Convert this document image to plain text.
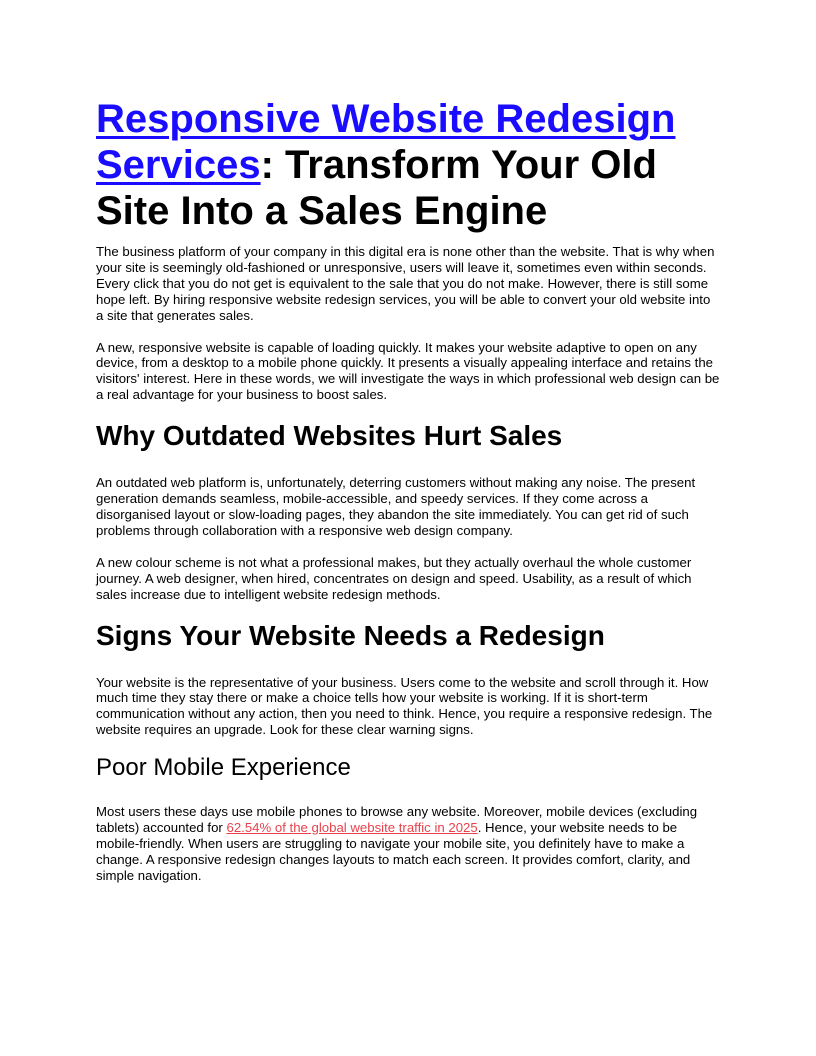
Responsive Website Redesign Services: Transform Your Old Site Into a Sales Engine

The business platform of your company in this digital era is none other than the website. That is why when your site is seemingly old-fashioned or unresponsive, users will leave it, sometimes even within seconds. Every click that you do not get is equivalent to the sale that you do not make. However, there is still some hope left. By hiring responsive website redesign services, you will be able to convert your old website into a site that generates sales.

A new, responsive website is capable of loading quickly. It makes your website adaptive to open on any device, from a desktop to a mobile phone quickly. It presents a visually appealing interface and retains the visitors' interest. Here in these words, we will investigate the ways in which professional web design can be a real advantage for your business to boost sales.

Why Outdated Websites Hurt Sales

An outdated web platform is, unfortunately, deterring customers without making any noise. The present generation demands seamless, mobile-accessible, and speedy services. If they come across a disorganised layout or slow-loading pages, they abandon the site immediately. You can get rid of such problems through collaboration with a responsive web design company.

A new colour scheme is not what a professional makes, but they actually overhaul the whole customer journey. A web designer, when hired, concentrates on design and speed. Usability, as a result of which sales increase due to intelligent website redesign methods.

Signs Your Website Needs a Redesign

Your website is the representative of your business. Users come to the website and scroll through it. How much time they stay there or make a choice tells how your website is working. If it is short-term communication without any action, then you need to think. Hence, you require a responsive redesign. The website requires an upgrade. Look for these clear warning signs.

Poor Mobile Experience

Most users these days use mobile phones to browse any website. Moreover, mobile devices (excluding tablets) accounted for 62.54% of the global website traffic in 2025. Hence, your website needs to be mobile-friendly. When users are struggling to navigate your mobile site, you definitely have to make a change. A responsive redesign changes layouts to match each screen. It provides comfort, clarity, and simple navigation.
